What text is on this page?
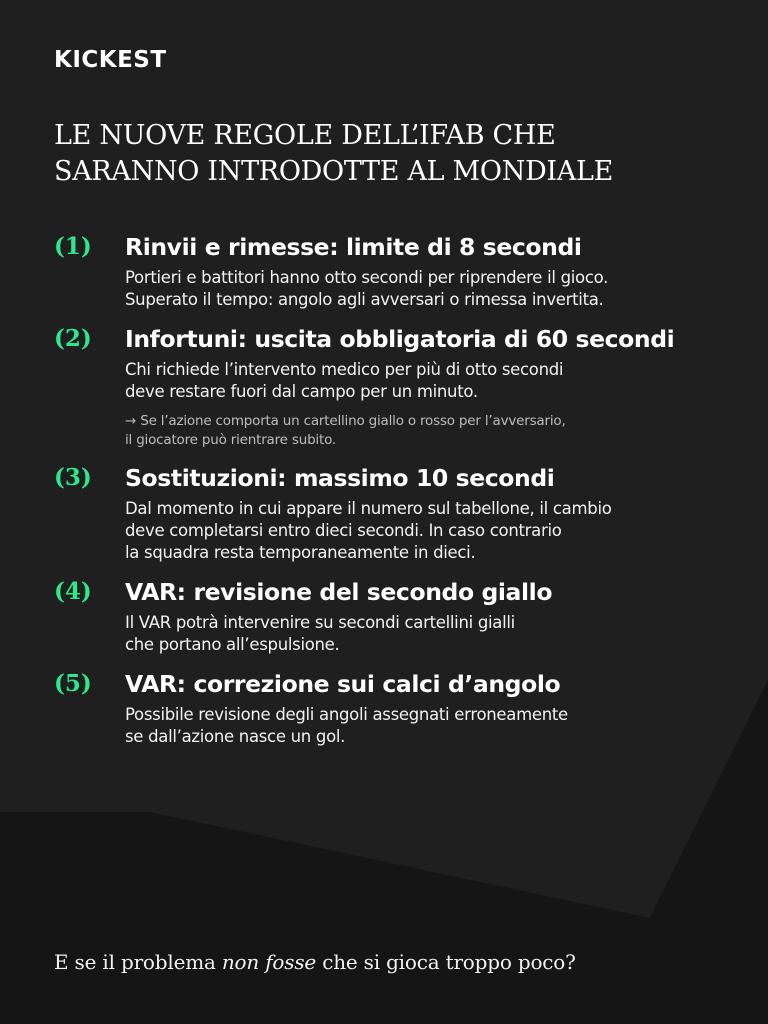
KICKEST
LE NUOVE REGOLE DELL’IFAB CHE
SARANNO INTRODOTTE AL MONDIALE
(1) Rinvii e rimesse: limite di 8 secondi
Portieri e battitori hanno otto secondi per riprendere il gioco.
Superato il tempo: angolo agli avversari o rimessa invertita.
(2) Infortuni: uscita obbligatoria di 60 secondi
Chi richiede l’intervento medico per più di otto secondi
deve restare fuori dal campo per un minuto.
→ Se l’azione comporta un cartellino giallo o rosso per l’avversario,
il giocatore può rientrare subito.
(3) Sostituzioni: massimo 10 secondi
Dal momento in cui appare il numero sul tabellone, il cambio
deve completarsi entro dieci secondi. In caso contrario
la squadra resta temporaneamente in dieci.
(4) VAR: revisione del secondo giallo
Il VAR potrà intervenire su secondi cartellini gialli
che portano all’espulsione.
(5) VAR: correzione sui calci d’angolo
Possibile revisione degli angoli assegnati erroneamente
se dall’azione nasce un gol.
E se il problema non fosse che si gioca troppo poco?
